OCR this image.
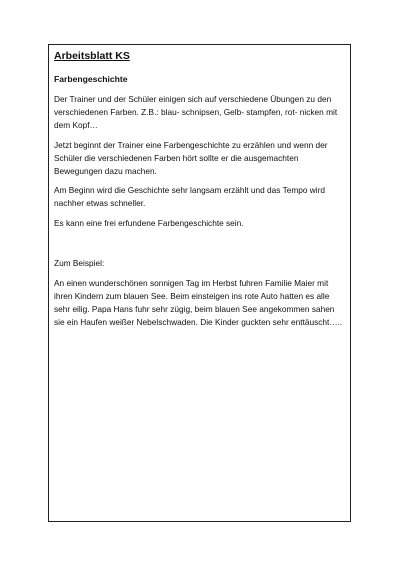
Arbeitsblatt KS
Farbengeschichte

Der Trainer und der Schüler einigen sich auf verschiedene Übungen zu den verschiedenen Farben. Z.B.: blau- schnipsen, Gelb- stampfen, rot- nicken mit dem Kopf…

Jetzt beginnt der Trainer eine Farbengeschichte zu erzählen und wenn der Schüler die verschiedenen Farben hört sollte er die ausgemachten Bewegungen dazu machen.

Am Beginn wird die Geschichte sehr langsam erzählt und das Tempo wird nachher etwas schneller.

Es kann eine frei erfundene Farbengeschichte sein.

Zum Beispiel:

An einen wunderschönen sonnigen Tag im Herbst fuhren Familie Maier mit ihren Kindern zum blauen See. Beim einsteigen ins rote Auto hatten es alle sehr eilig. Papa Hans fuhr sehr zügig, beim blauen See angekommen sahen sie ein Haufen weißer Nebelschwaden. Die Kinder guckten sehr enttäuscht…..
